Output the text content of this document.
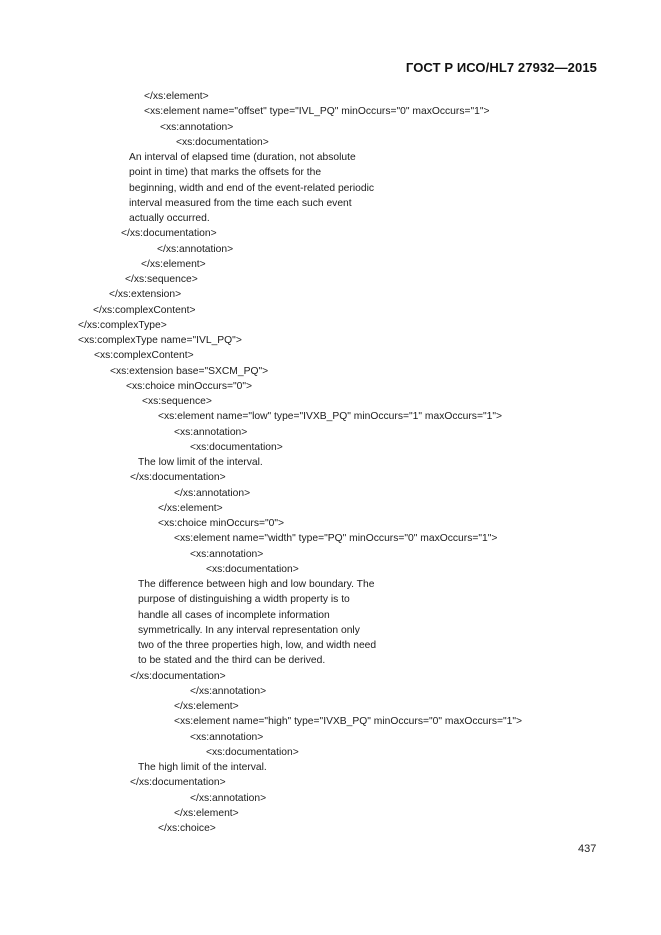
ГОСТ Р ИСО/HL7 27932—2015
</xs:element>
<xs:element name="offset" type="IVL_PQ" minOccurs="0" maxOccurs="1">
<xs:annotation>
<xs:documentation>
An interval of elapsed time (duration, not absolute
point in time) that marks the offsets for the
beginning, width and end of the event-related periodic
interval measured from the time each such event
actually occurred.
</xs:documentation>
</xs:annotation>
</xs:element>
</xs:sequence>
</xs:extension>
</xs:complexContent>
</xs:complexType>
<xs:complexType name="IVL_PQ">
<xs:complexContent>
<xs:extension base="SXCM_PQ">
<xs:choice minOccurs="0">
<xs:sequence>
<xs:element name="low" type="IVXB_PQ" minOccurs="1" maxOccurs="1">
<xs:annotation>
<xs:documentation>
The low limit of the interval.
</xs:documentation>
</xs:annotation>
</xs:element>
<xs:choice minOccurs="0">
<xs:element name="width" type="PQ" minOccurs="0" maxOccurs="1">
<xs:annotation>
<xs:documentation>
The difference between high and low boundary. The
purpose of distinguishing a width property is to
handle all cases of incomplete information
symmetrically. In any interval representation only
two of the three properties high, low, and width need
to be stated and the third can be derived.
</xs:documentation>
</xs:annotation>
</xs:element>
<xs:element name="high" type="IVXB_PQ" minOccurs="0" maxOccurs="1">
<xs:annotation>
<xs:documentation>
The high limit of the interval.
</xs:documentation>
</xs:annotation>
</xs:element>
</xs:choice>
437
